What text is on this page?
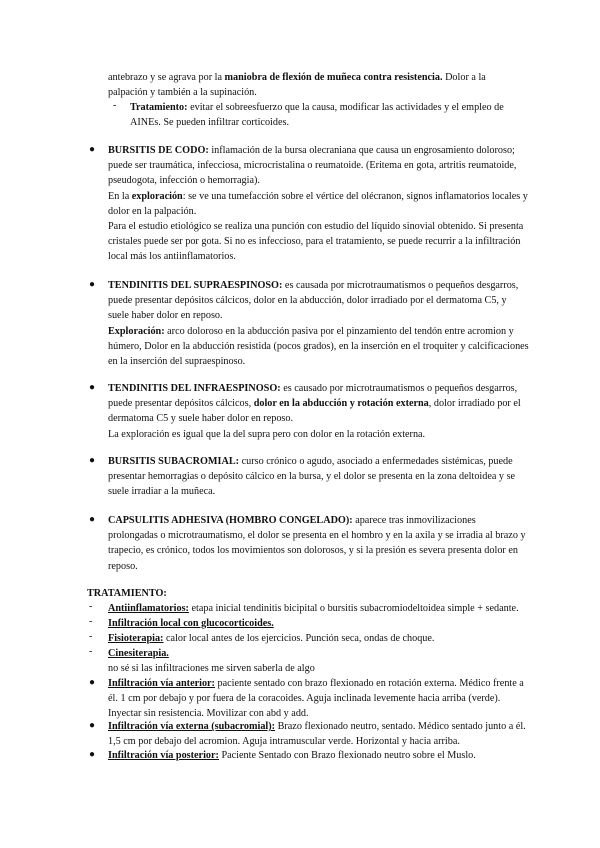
antebrazo y se agrava por la maniobra de flexión de muñeca contra resistencia. Dolor a la

palpación y también a la supinación.

- Tratamiento: evitar el sobreesfuerzo que la causa, modificar las actividades y el empleo de

AINEs. Se pueden infiltrar corticoides.

● BURSITIS DE CODO: inflamación de la bursa olecraniana que causa un engrosamiento doloroso;

puede ser traumática, infecciosa, microcristalina o reumatoide. (Eritema en gota, artritis reumatoide,

pseudogota, infección o hemorragia).

En la exploración: se ve una tumefacción sobre el vértice del olécranon, signos inflamatorios locales y

dolor en la palpación.

Para el estudio etiológico se realiza una punción con estudio del líquido sinovial obtenido. Si presenta

cristales puede ser por gota. Si no es infeccioso, para el tratamiento, se puede recurrir a la infiltración

local más los antiinflamatorios.

● TENDINITIS DEL SUPRAESPINOSO: es causada por microtraumatismos o pequeños desgarros,

puede presentar depósitos cálcicos, dolor en la abducción, dolor irradiado por el dermatoma C5, y

suele haber dolor en reposo.

Exploración: arco doloroso en la abducción pasiva por el pinzamiento del tendón entre acromion y

húmero, Dolor en la abducción resistida (pocos grados), en la inserción en el troquiter y calcificaciones

en la inserción del supraespinoso.

● TENDINITIS DEL INFRAESPINOSO: es causado por microtraumatismos o pequeños desgarros,

puede presentar depósitos cálcicos, dolor en la abducción y rotación externa, dolor irradiado por el

dermatoma C5 y suele haber dolor en reposo.

La exploración es igual que la del supra pero con dolor en la rotación externa.

● BURSITIS SUBACROMIAL: curso crónico o agudo, asociado a enfermedades sistémicas, puede

presentar hemorragias o depósito cálcico en la bursa, y el dolor se presenta en la zona deltoidea y se

suele irradiar a la muñeca.

● CAPSULITIS ADHESIVA (HOMBRO CONGELADO): aparece tras inmovilizaciones

prolongadas o microtraumatismo, el dolor se presenta en el hombro y en la axila y se irradia al brazo y

trapecio, es crónico, todos los movimientos son dolorosos, y si la presión es severa presenta dolor en

reposo.

TRATAMIENTO:
- Antiinflamatorios: etapa inicial tendinitis bicipital o bursitis subacromiodeltoidea simple + sedante.

- Infiltración local con glucocorticoides.

- Fisioterapia: calor local antes de los ejercicios. Punción seca, ondas de choque.

- Cinesiterapia.

no sé si las infiltraciones me sirven saberla de algo

● Infiltración vía anterior: paciente sentado con brazo flexionado en rotación externa. Médico frente a

él. 1 cm por debajo y por fuera de la coracoides. Aguja inclinada levemente hacia arriba (verde).

Inyectar sin resistencia. Movilizar con abd y add.

● Infiltración vía externa (subacromial): Brazo flexionado neutro, sentado. Médico sentado junto a él.

1,5 cm por debajo del acromion. Aguja intramuscular verde. Horizontal y hacia arriba.

● Infiltración vía posterior: Paciente Sentado con Brazo flexionado neutro sobre el Muslo.
